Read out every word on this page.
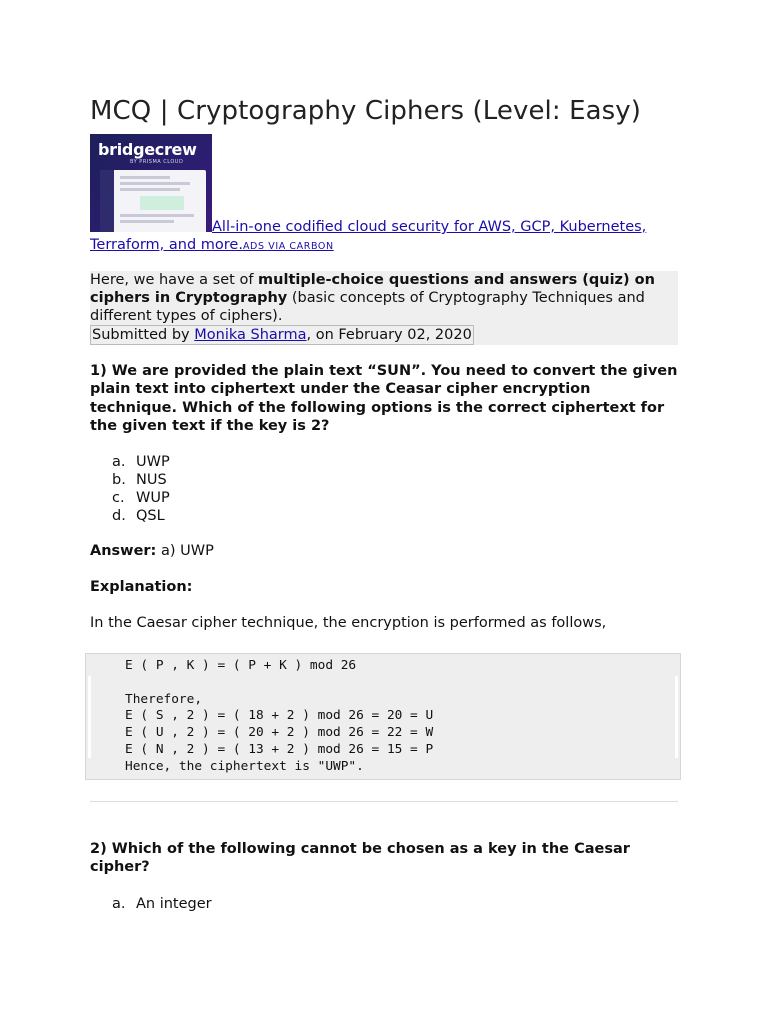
MCQ | Cryptography Ciphers (Level: Easy)
bridgecrew
BY PRISMA CLOUD
All-in-one codified cloud security for AWS, GCP, Kubernetes, Terraform, and more.ADS VIA CARBON

Here, we have a set of multiple-choice questions and answers (quiz) on ciphers in Cryptography (basic concepts of Cryptography Techniques and different types of ciphers).

Submitted by Monika Sharma, on February 02, 2020

1) We are provided the plain text “SUN”. You need to convert the given plain text into ciphertext under the Ceasar cipher encryption technique. Which of the following options is the correct ciphertext for the given text if the key is 2?

a. UWP
b. NUS
c. WUP
d. QSL
Answer: a) UWP
Explanation:
In the Caesar cipher technique, the encryption is performed as follows,
E ( P , K ) = ( P + K ) mod 26

Therefore,
E ( S , 2 ) = ( 18 + 2 ) mod 26 = 20 = U
E ( U , 2 ) = ( 20 + 2 ) mod 26 = 22 = W
E ( N , 2 ) = ( 13 + 2 ) mod 26 = 15 = P
Hence, the ciphertext is "UWP".

2) Which of the following cannot be chosen as a key in the Caesar cipher?

a. An integer
